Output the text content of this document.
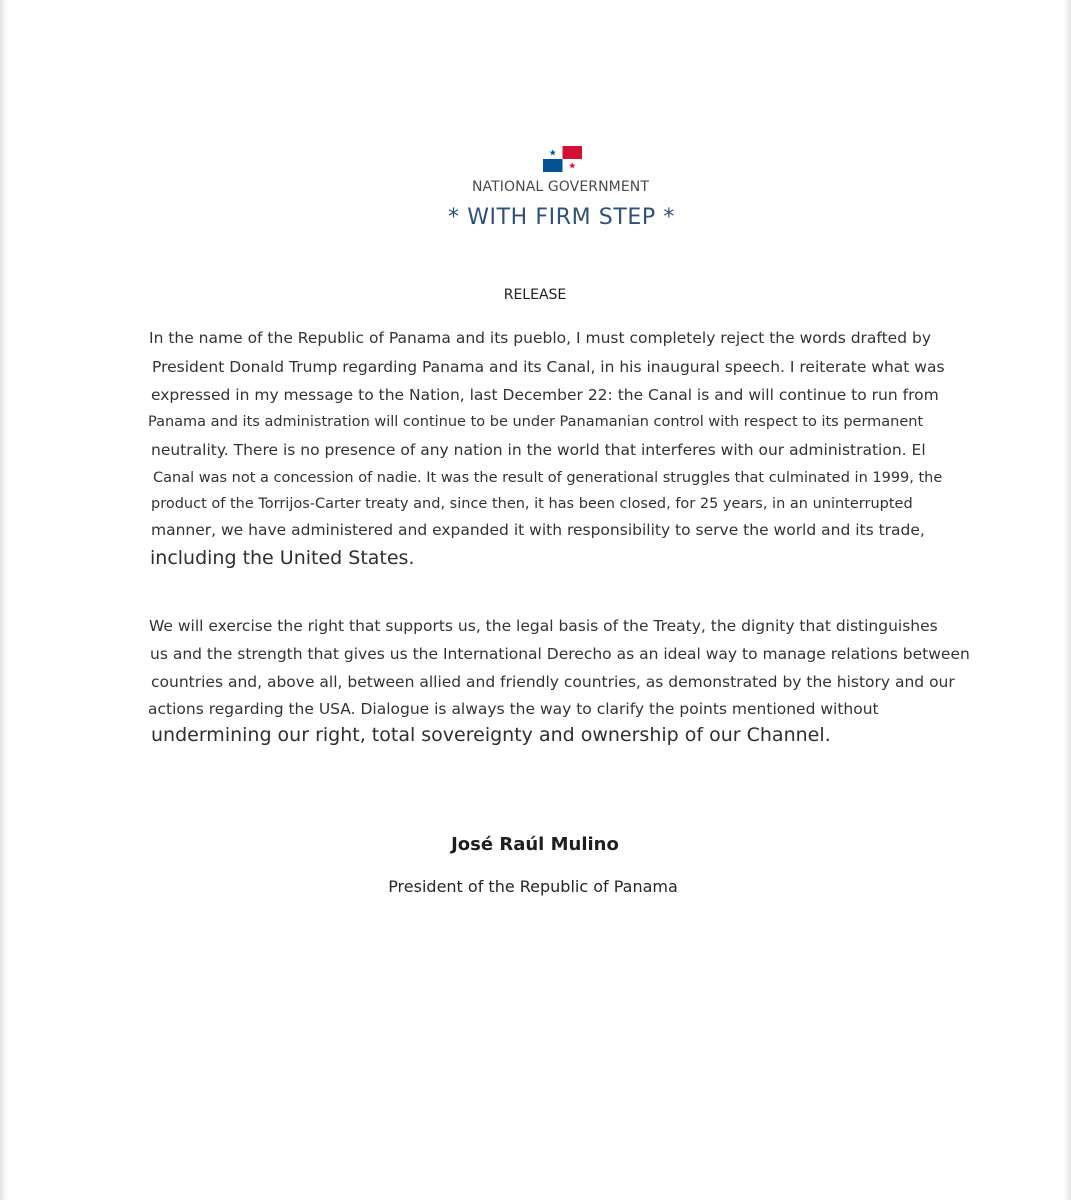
NATIONAL GOVERNMENT
* WITH FIRM STEP *
RELEASE
In the name of the Republic of Panama and its pueblo, I must completely reject the words drafted by
President Donald Trump regarding Panama and its Canal, in his inaugural speech. I reiterate what was
expressed in my message to the Nation, last December 22: the Canal is and will continue to run from
Panama and its administration will continue to be under Panamanian control with respect to its permanent
neutrality. There is no presence of any nation in the world that interferes with our administration. El
Canal was not a concession of nadie. It was the result of generational struggles that culminated in 1999, the
product of the Torrijos-Carter treaty and, since then, it has been closed, for 25 years, in an uninterrupted
manner, we have administered and expanded it with responsibility to serve the world and its trade,
including the United States.
We will exercise the right that supports us, the legal basis of the Treaty, the dignity that distinguishes
us and the strength that gives us the International Derecho as an ideal way to manage relations between
countries and, above all, between allied and friendly countries, as demonstrated by the history and our
actions regarding the USA. Dialogue is always the way to clarify the points mentioned without
undermining our right, total sovereignty and ownership of our Channel.
José Raúl Mulino
President of the Republic of Panama
